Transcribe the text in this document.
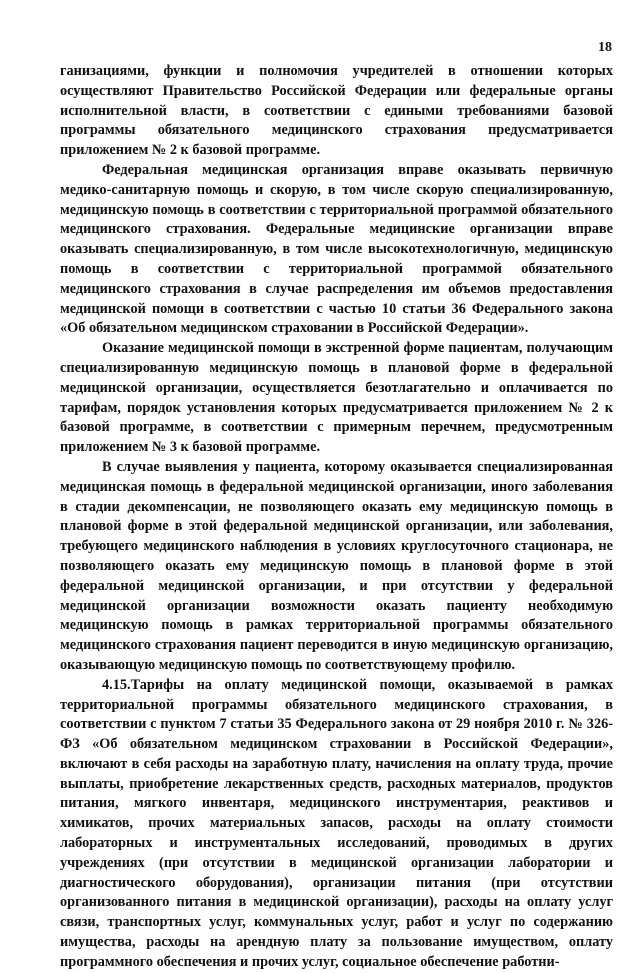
18

ганизациями, функции и полномочия учредителей в отношении которых осуществляют Правительство Российской Федерации или федеральные органы исполнительной власти, в соответствии с едиными требованиями базовой программы обязательного медицинского страхования предусматривается приложением № 2 к базовой программе.

Федеральная медицинская организация вправе оказывать первичную медико-санитарную помощь и скорую, в том числе скорую специализированную, медицинскую помощь в соответствии с территориальной программой обязательного медицинского страхования. Федеральные медицинские организации вправе оказывать специализированную, в том числе высокотехнологичную, медицинскую помощь в соответствии с территориальной программой обязательного медицинского страхования в случае распределения им объемов предоставления медицинской помощи в соответствии с частью 10 статьи 36 Федерального закона «Об обязательном медицинском страховании в Российской Федерации».

Оказание медицинской помощи в экстренной форме пациентам, получающим специализированную медицинскую помощь в плановой форме в федеральной медицинской организации, осуществляется безотлагательно и оплачивается по тарифам, порядок установления которых предусматривается приложением № 2 к базовой программе, в соответствии с примерным перечнем, предусмотренным приложением № 3 к базовой программе.

В случае выявления у пациента, которому оказывается специализированная медицинская помощь в федеральной медицинской организации, иного заболевания в стадии декомпенсации, не позволяющего оказать ему медицинскую помощь в плановой форме в этой федеральной медицинской организации, или заболевания, требующего медицинского наблюдения в условиях круглосуточного стационара, не позволяющего оказать ему медицинскую помощь в плановой форме в этой федеральной медицинской организации, и при отсутствии у федеральной медицинской организации возможности оказать пациенту необходимую медицинскую помощь в рамках территориальной программы обязательного медицинского страхования пациент переводится в иную медицинскую организацию, оказывающую медицинскую помощь по соответствующему профилю.

4.15.Тарифы на оплату медицинской помощи, оказываемой в рамках территориальной программы обязательного медицинского страхования, в соответствии с пунктом 7 статьи 35 Федерального закона от 29 ноября 2010 г. № 326-ФЗ «Об обязательном медицинском страховании в Российской Федерации», включают в себя расходы на заработную плату, начисления на оплату труда, прочие выплаты, приобретение лекарственных средств, расходных материалов, продуктов питания, мягкого инвентаря, медицинского инструментария, реактивов и химикатов, прочих материальных запасов, расходы на оплату стоимости лабораторных и инструментальных исследований, проводимых в других учреждениях (при отсутствии в медицинской организации лаборатории и диагностического оборудования), организации питания (при отсутствии организованного питания в медицинской организации), расходы на оплату услуг связи, транспортных услуг, коммунальных услуг, работ и услуг по содержанию имущества, расходы на арендную плату за пользование имуществом, оплату программного обеспечения и прочих услуг, социальное обеспечение работни-
